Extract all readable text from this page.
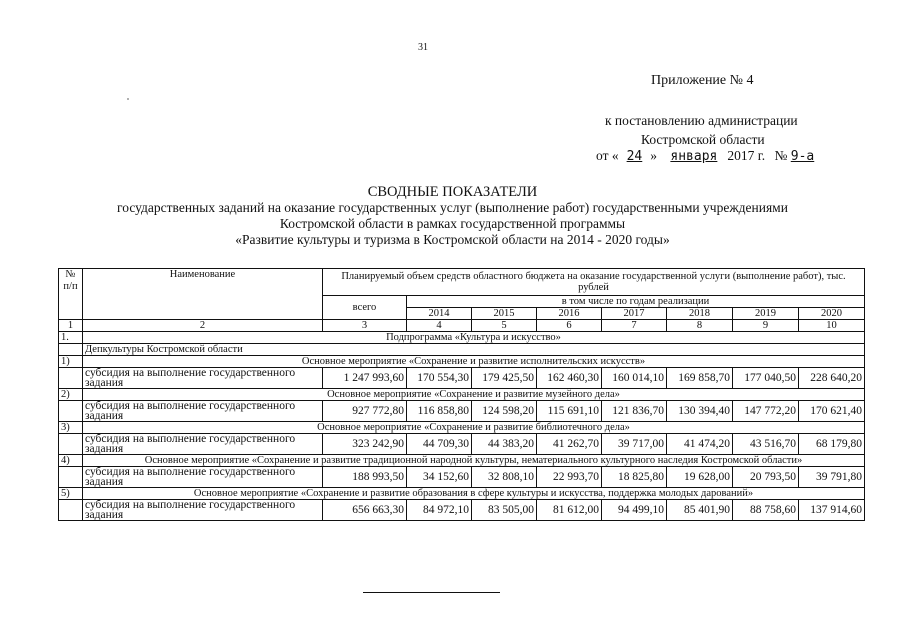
31
Приложение № 4
к постановлению администрации
Костромской области
от « 24 » января 2017 г. № 9-а
СВОДНЫЕ ПОКАЗАТЕЛИ
государственных заданий на оказание государственных услуг (выполнение работ) государственными учреждениями
Костромской области в рамках государственной программы
«Развитие культуры и туризма в Костромской области на 2014 - 2020 годы»
№ п/п	Наименование	Планируемый объем средств областного бюджета на оказание государственной услуги (выполнение работ), тыс. рублей							
		всего	в том числе по годам реализации						
			2014	2015	2016	2017	2018	2019	2020
1	2	3	4	5	6	7	8	9	10
1.	Подпрограмма «Культура и искусство»								
	Депкультуры Костромской области								
1)	Основное мероприятие «Сохранение и развитие исполнительских искусств»								
	субсидия на выполнение государственного задания	1 247 993,60	170 554,30	179 425,50	162 460,30	160 014,10	169 858,70	177 040,50	228 640,20
2)	Основное мероприятие «Сохранение и развитие музейного дела»								
	субсидия на выполнение государственного задания	927 772,80	116 858,80	124 598,20	115 691,10	121 836,70	130 394,40	147 772,20	170 621,40
3)	Основное мероприятие «Сохранение и развитие библиотечного дела»								
	субсидия на выполнение государственного задания	323 242,90	44 709,30	44 383,20	41 262,70	39 717,00	41 474,20	43 516,70	68 179,80
4)	Основное мероприятие «Сохранение и развитие традиционной народной культуры, нематериального культурного наследия Костромской области»								
	субсидия на выполнение государственного задания	188 993,50	34 152,60	32 808,10	22 993,70	18 825,80	19 628,00	20 793,50	39 791,80
5)	Основное мероприятие «Сохранение и развитие образования в сфере культуры и искусства, поддержка молодых дарований»								
	субсидия на выполнение государственного задания	656 663,30	84 972,10	83 505,00	81 612,00	94 499,10	85 401,90	88 758,60	137 914,60
